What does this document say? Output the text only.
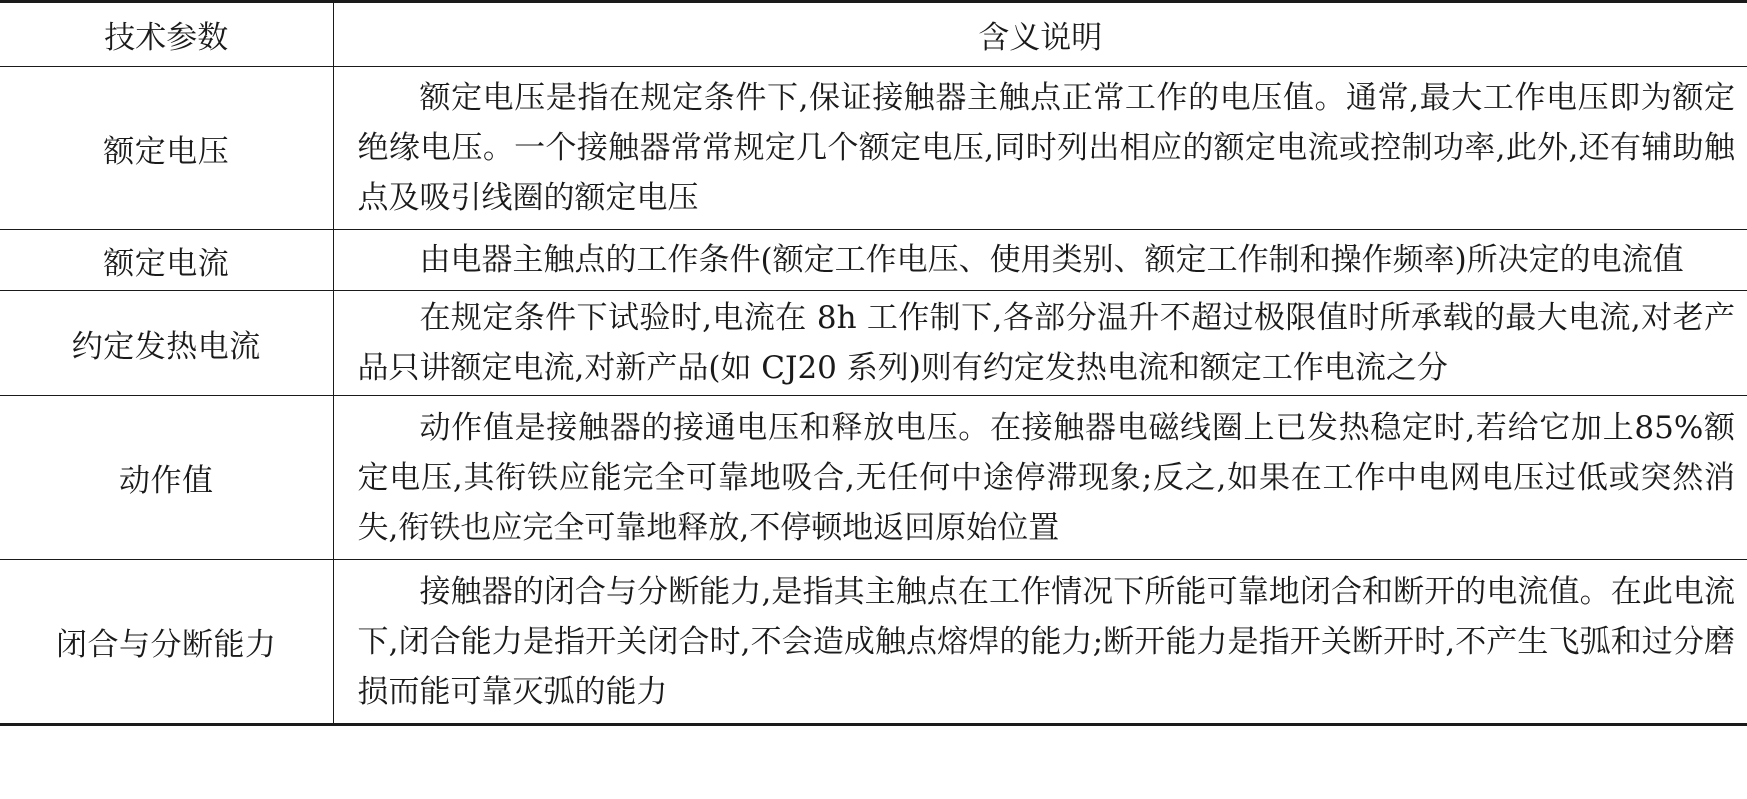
技术参数	含义说明
额定电压	额定电压是指在规定条件下,保证接触器主触点正常工作的电压值。通常,最大工作电压即为额定绝缘电压。一个接触器常常规定几个额定电压,同时列出相应的额定电流或控制功率,此外,还有辅助触点及吸引线圈的额定电压
额定电流	由电器主触点的工作条件(额定工作电压、使用类别、额定工作制和操作频率)所决定的电流值
约定发热电流	在规定条件下试验时,电流在 8h 工作制下,各部分温升不超过极限值时所承载的最大电流,对老产品只讲额定电流,对新产品(如 CJ20 系列)则有约定发热电流和额定工作电流之分
动作值	动作值是接触器的接通电压和释放电压。在接触器电磁线圈上已发热稳定时,若给它加上85%额定电压,其衔铁应能完全可靠地吸合,无任何中途停滞现象;反之,如果在工作中电网电压过低或突然消失,衔铁也应完全可靠地释放,不停顿地返回原始位置
闭合与分断能力	接触器的闭合与分断能力,是指其主触点在工作情况下所能可靠地闭合和断开的电流值。在此电流下,闭合能力是指开关闭合时,不会造成触点熔焊的能力;断开能力是指开关断开时,不产生飞弧和过分磨损而能可靠灭弧的能力
